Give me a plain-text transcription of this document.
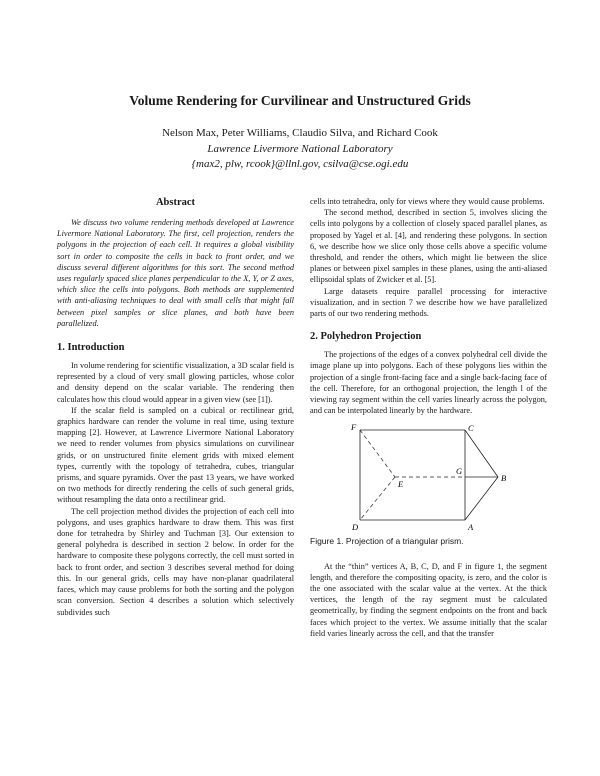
Volume Rendering for Curvilinear and Unstructured Grids
Nelson Max, Peter Williams, Claudio Silva, and Richard Cook
Lawrence Livermore National Laboratory
{max2, plw, rcook}@llnl.gov, csilva@cse.ogi.edu
Abstract

We discuss two volume rendering methods developed at Lawrence Livermore National Laboratory. The first, cell projection, renders the polygons in the projection of each cell. It requires a global visibility sort in order to composite the cells in back to front order, and we discuss several different algorithms for this sort. The second method uses regularly spaced slice planes perpendicular to the X, Y, or Z axes, which slice the cells into polygons. Both methods are supplemented with anti-aliasing techniques to deal with small cells that might fall between pixel samples or slice planes, and both have been parallelized.

1. Introduction

In volume rendering for scientific visualization, a 3D scalar field is represented by a cloud of very small glowing particles, whose color and density depend on the scalar variable. The rendering then calculates how this cloud would appear in a given view (see [1]).

If the scalar field is sampled on a cubical or rectilinear grid, graphics hardware can render the volume in real time, using texture mapping [2]. However, at Lawrence Livermore National Laboratory we need to render volumes from physics simulations on curvilinear grids, or on unstructured finite element grids with mixed element types, currently with the topology of tetrahedra, cubes, triangular prisms, and square pyramids. Over the past 13 years, we have worked on two methods for directly rendering the cells of such general grids, without resampling the data onto a rectilinear grid.

The cell projection method divides the projection of each cell into polygons, and uses graphics hardware to draw them. This was first done for tetrahedra by Shirley and Tuchman [3]. Our extension to general polyhedra is described in section 2 below. In order for the hardware to composite these polygons correctly, the cell must sorted in back to front order, and section 3 describes several method for doing this. In our general grids, cells may have non-planar quadrilateral faces, which may cause problems for both the sorting and the polygon scan conversion. Section 4 describes a solution which selectively subdivides such

cells into tetrahedra, only for views where they would cause problems.

The second method, described in section 5, involves slicing the cells into polygons by a collection of closely spaced parallel planes, as proposed by Yagel et al. [4], and rendering these polygons. In section 6, we describe how we slice only those cells above a specific volume threshold, and render the others, which might lie between the slice planes or between pixel samples in these planes, using the anti-aliased ellipsoidal splats of Zwicker et al. [5].

Large datasets require parallel processing for interactive visualization, and in section 7 we describe how we have parallelized parts of our two rendering methods.

2. Polyhedron Projection

The projections of the edges of a convex polyhedral cell divide the image plane up into polygons. Each of these polygons lies within the projection of a single front-facing face and a single back-facing face of the cell. Therefore, for an orthogonal projection, the length l of the viewing ray segment within the cell varies linearly across the polygon, and can be interpolated linearly by the hardware.

F	C
G
B
E
D	A

Figure 1. Projection of a triangular prism.

At the “thin” vertices A, B, C, D, and F in figure 1, the segment length, and therefore the compositing opacity, is zero, and the color is the one associated with the scalar value at the vertex. At the thick vertices, the length of the ray segment must be calculated geometrically, by finding the segment endpoints on the front and back faces which project to the vertex. We assume initially that the scalar field varies linearly across the cell, and that the transfer
